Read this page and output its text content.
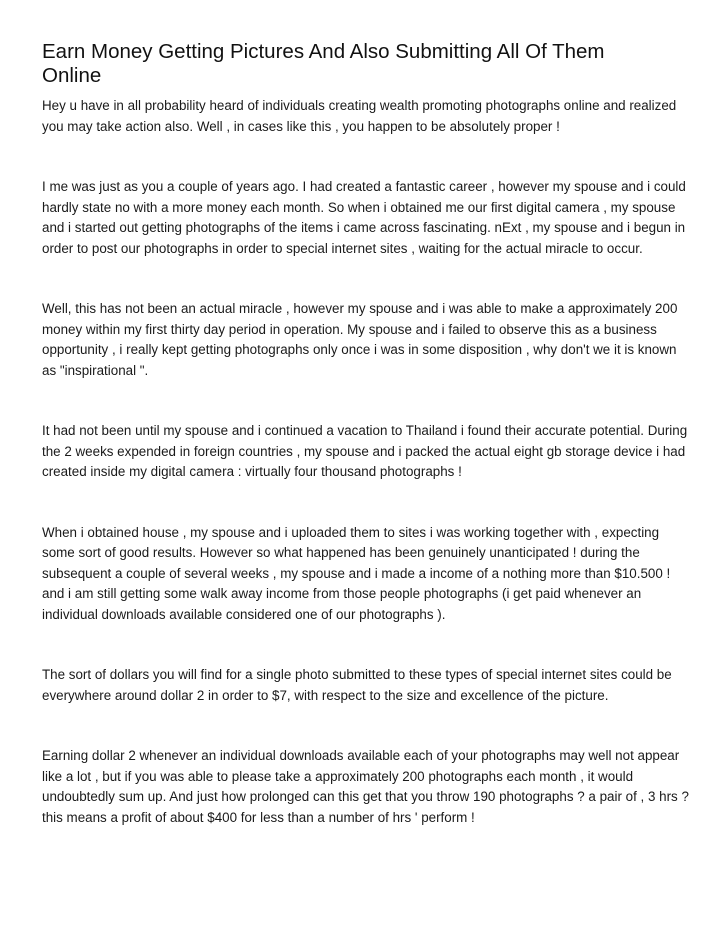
Earn Money Getting Pictures And Also Submitting All Of Them Online

Hey u have in all probability heard of individuals creating wealth promoting photographs online and realized you may take action also. Well , in cases like this , you happen to be absolutely proper !

I me was just as you a couple of years ago. I had created a fantastic career , however my spouse and i could hardly state no with a more money each month. So when i obtained me our first digital camera , my spouse and i started out getting photographs of the items i came across fascinating. nExt , my spouse and i begun in order to post our photographs in order to special internet sites , waiting for the actual miracle to occur.

Well, this has not been an actual miracle , however my spouse and i was able to make a approximately 200 money within my first thirty day period in operation. My spouse and i failed to observe this as a business opportunity , i really kept getting photographs only once i was in some disposition , why don't we it is known as "inspirational ".

It had not been until my spouse and i continued a vacation to Thailand i found their accurate potential. During the 2 weeks expended in foreign countries , my spouse and i packed the actual eight gb storage device i had created inside my digital camera : virtually four thousand photographs !

When i obtained house , my spouse and i uploaded them to sites i was working together with , expecting some sort of good results. However so what happened has been genuinely unanticipated ! during the subsequent a couple of several weeks , my spouse and i made a income of a nothing more than $10.500 ! and i am still getting some walk away income from those people photographs (i get paid whenever an individual downloads available considered one of our photographs ).

The sort of dollars you will find for a single photo submitted to these types of special internet sites could be everywhere around dollar 2 in order to $7, with respect to the size and excellence of the picture.

Earning dollar 2 whenever an individual downloads available each of your photographs may well not appear like a lot , but if you was able to please take a approximately 200 photographs each month , it would undoubtedly sum up. And just how prolonged can this get that you throw 190 photographs ? a pair of , 3 hrs ? this means a profit of about $400 for less than a number of hrs ' perform !
